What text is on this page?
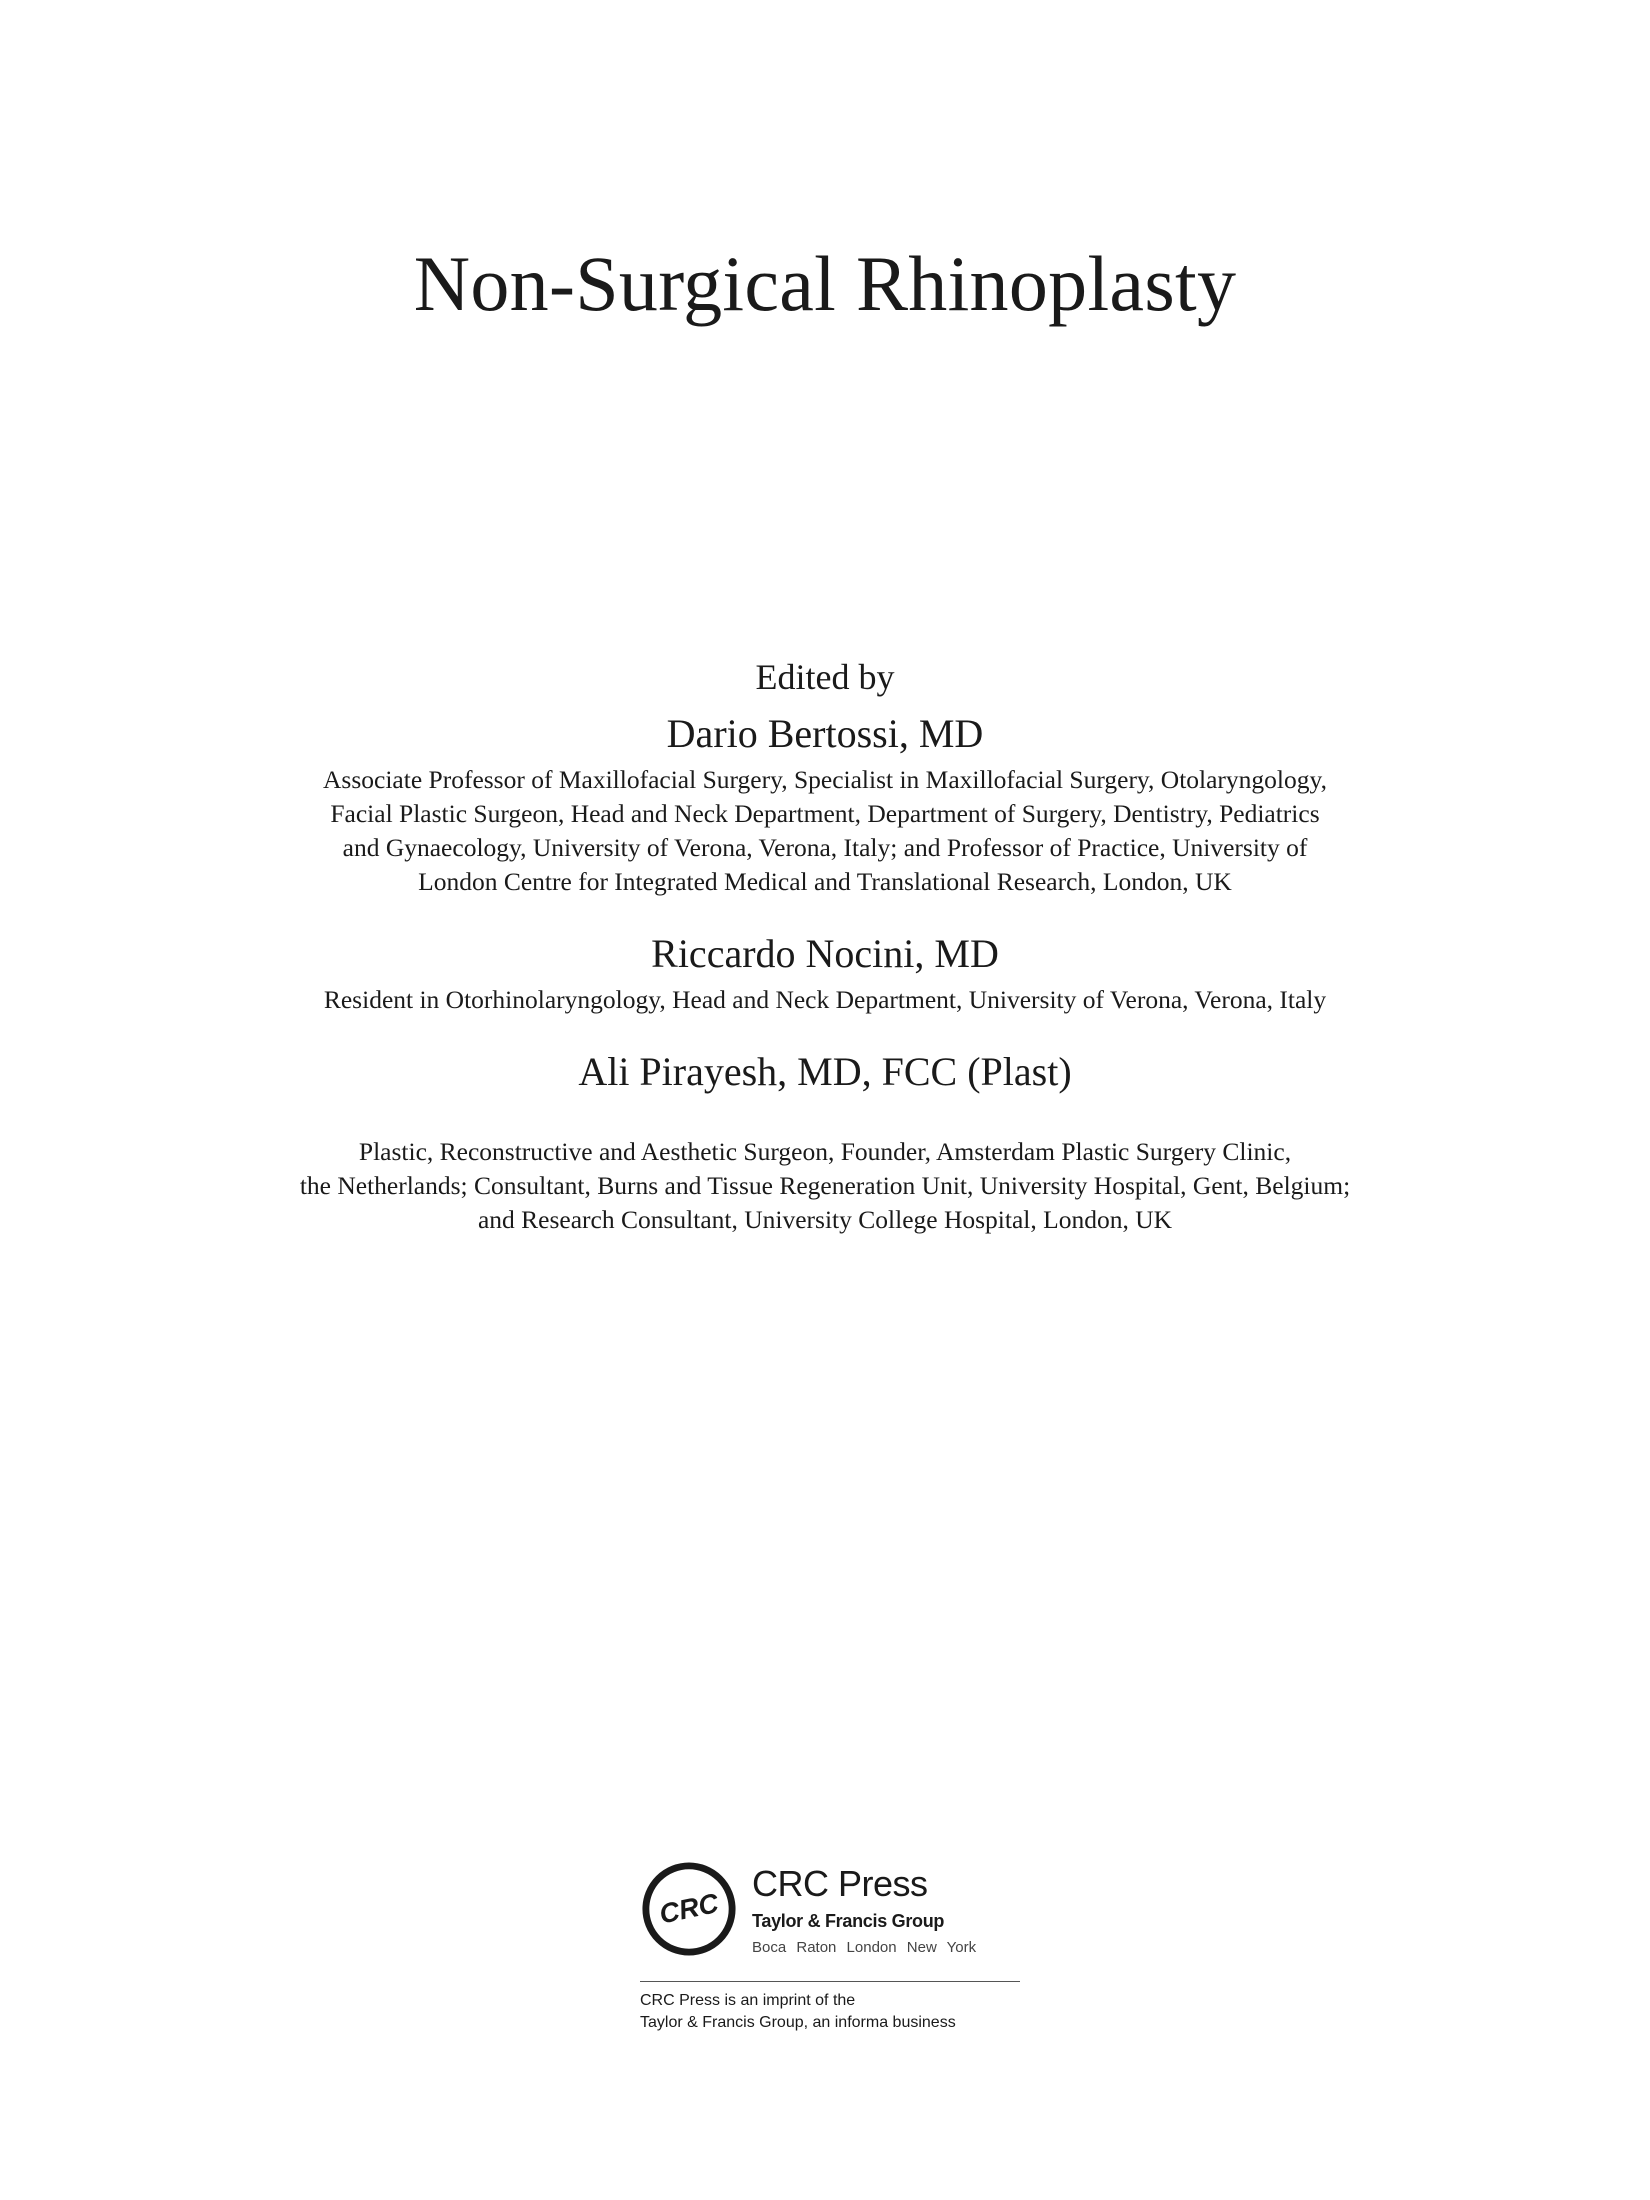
Non-Surgical Rhinoplasty
Edited by
Dario Bertossi, MD
Associate Professor of Maxillofacial Surgery, Specialist in Maxillofacial Surgery, Otolaryngology,
Facial Plastic Surgeon, Head and Neck Department, Department of Surgery, Dentistry, Pediatrics
and Gynaecology, University of Verona, Verona, Italy; and Professor of Practice, University of
London Centre for Integrated Medical and Translational Research, London, UK
Riccardo Nocini, MD
Resident in Otorhinolaryngology, Head and Neck Department, University of Verona, Verona, Italy
Ali Pirayesh, MD, FCC (Plast)
Plastic, Reconstructive and Aesthetic Surgeon, Founder, Amsterdam Plastic Surgery Clinic,
the Netherlands; Consultant, Burns and Tissue Regeneration Unit, University Hospital, Gent, Belgium;
and Research Consultant, University College Hospital, London, UK
CRC
CRC Press
Taylor & Francis Group
Boca Raton London New York
CRC Press is an imprint of the
Taylor & Francis Group, an informa business
